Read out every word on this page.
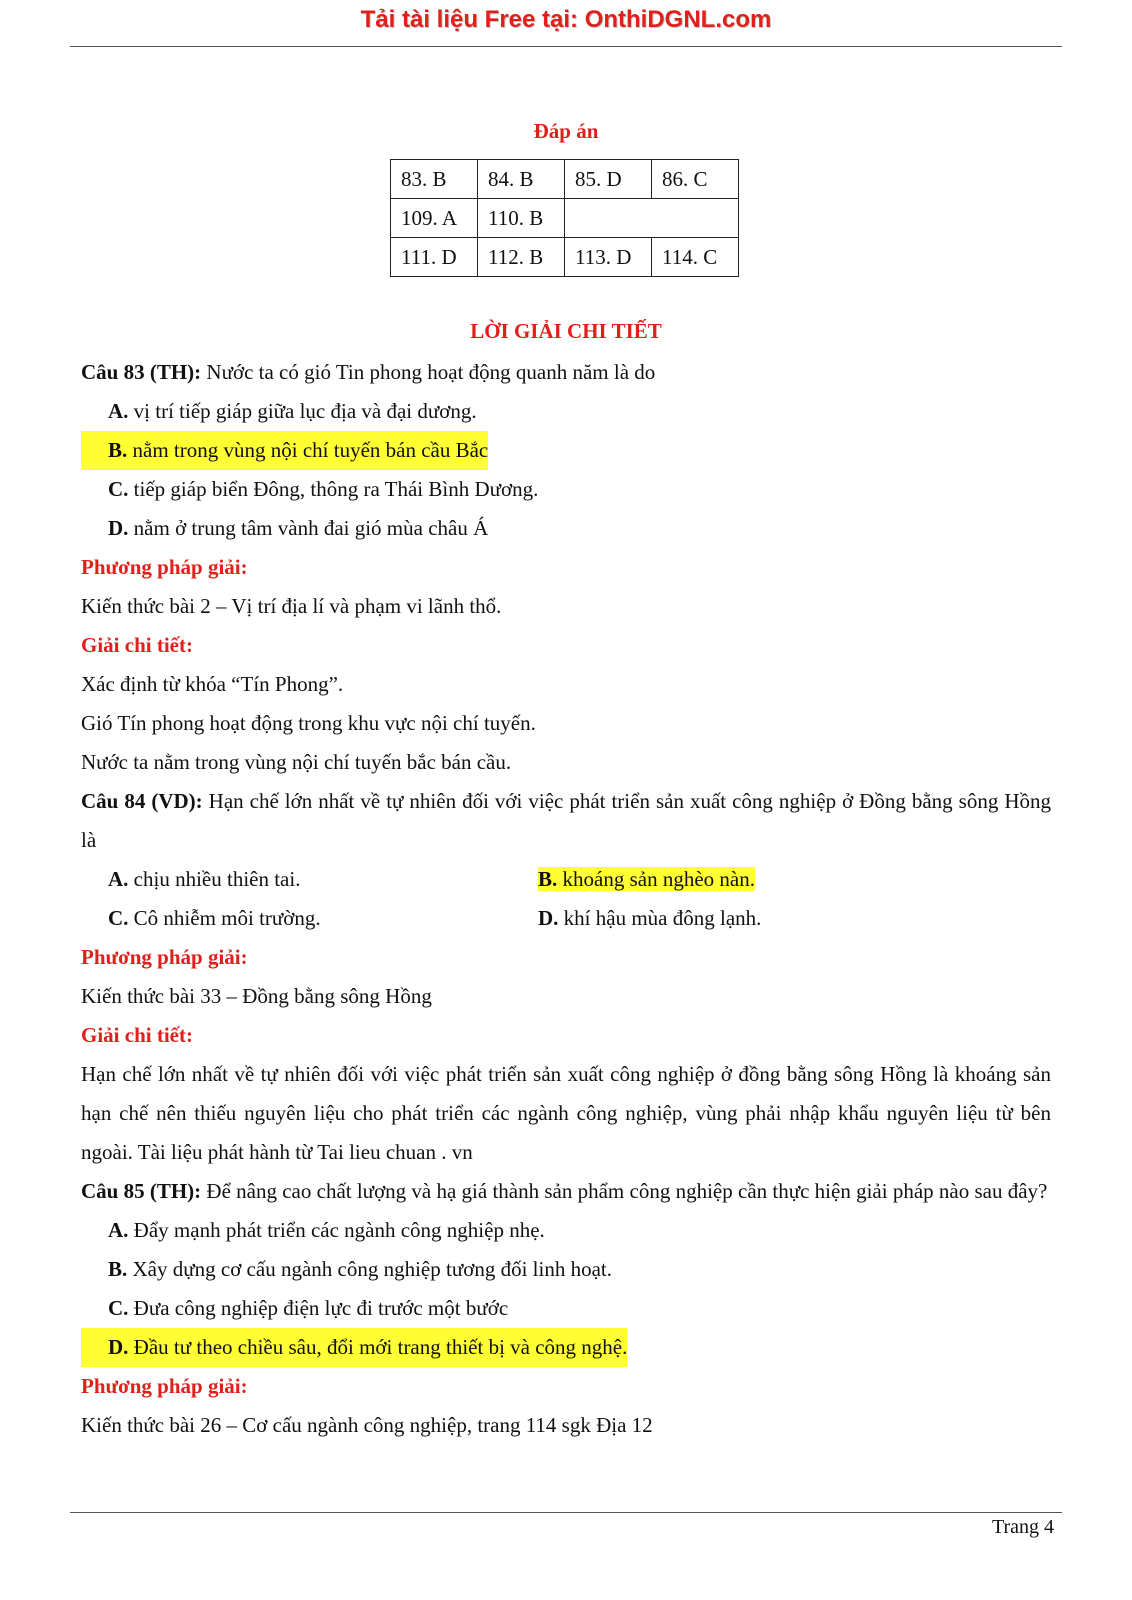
Tải tài liệu Free tại: OnthiDGNL.com
Đáp án
83. B	84. B	85. D	86. C
109. A	110. B		
111. D	112. B	113. D	114. C
LỜI GIẢI CHI TIẾT
Câu 83 (TH): Nước ta có gió Tin phong hoạt động quanh năm là do
A. vị trí tiếp giáp giữa lục địa và đại dương.
B. nằm trong vùng nội chí tuyến bán cầu Bắc
C. tiếp giáp biển Đông, thông ra Thái Bình Dương.
D. nằm ở trung tâm vành đai gió mùa châu Á
Phương pháp giải:
Kiến thức bài 2 – Vị trí địa lí và phạm vi lãnh thổ.
Giải chi tiết:
Xác định từ khóa “Tín Phong”.
Gió Tín phong hoạt động trong khu vực nội chí tuyến.
Nước ta nằm trong vùng nội chí tuyến bắc bán cầu.
Câu 84 (VD): Hạn chế lớn nhất về tự nhiên đối với việc phát triển sản xuất công nghiệp ở Đồng bằng sông Hồng là
A. chịu nhiều thiên tai.	B. khoáng sản nghèo nàn.
C. Cô nhiễm môi trường.	D. khí hậu mùa đông lạnh.
Phương pháp giải:
Kiến thức bài 33 – Đồng bằng sông Hồng
Giải chi tiết:
Hạn chế lớn nhất về tự nhiên đối với việc phát triển sản xuất công nghiệp ở đồng bằng sông Hồng là khoáng sản hạn chế nên thiếu nguyên liệu cho phát triển các ngành công nghiệp, vùng phải nhập khẩu nguyên liệu từ bên ngoài. Tài liệu phát hành từ Tai lieu chuan . vn
Câu 85 (TH): Để nâng cao chất lượng và hạ giá thành sản phẩm công nghiệp cần thực hiện giải pháp nào sau đây?
A. Đẩy mạnh phát triển các ngành công nghiệp nhẹ.
B. Xây dựng cơ cấu ngành công nghiệp tương đối linh hoạt.
C. Đưa công nghiệp điện lực đi trước một bước
D. Đầu tư theo chiều sâu, đổi mới trang thiết bị và công nghệ.
Phương pháp giải:
Kiến thức bài 26 – Cơ cấu ngành công nghiệp, trang 114 sgk Địa 12
Trang 4
